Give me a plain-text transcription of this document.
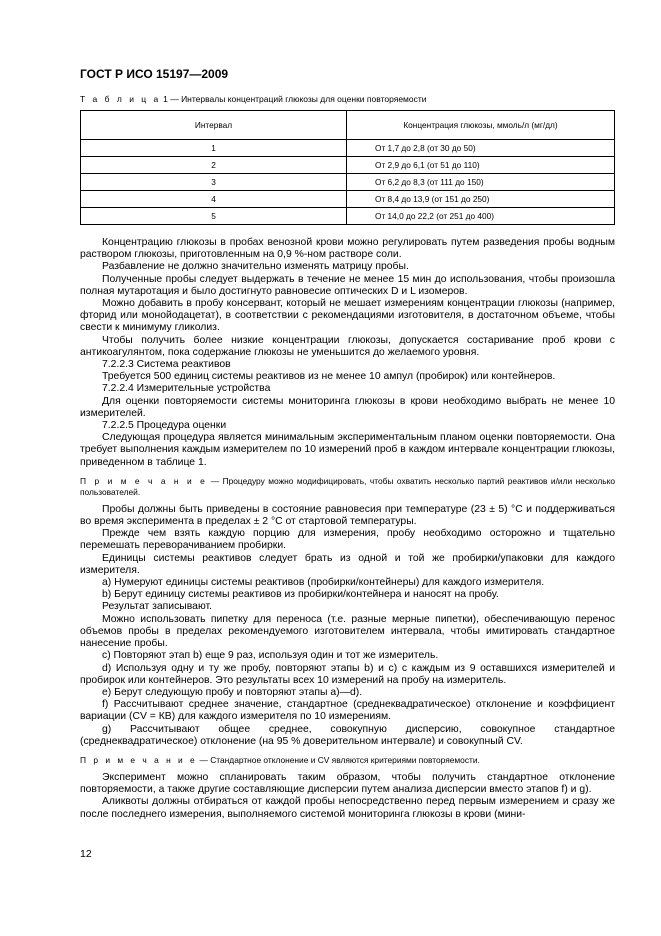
ГОСТ Р ИСО 15197—2009
Т а б л и ц а 1 — Интервалы концентраций глюкозы для оценки повторяемости
Интервал	Концентрация глюкозы, ммоль/л (мг/дл)
1	От 1,7 до 2,8 (от 30 до 50)
2	От 2,9 до 6,1 (от 51 до 110)
3	От 6,2 до 8,3 (от 111 до 150)
4	От 8,4 до 13,9 (от 151 до 250)
5	От 14,0 до 22,2 (от 251 до 400)

Концентрацию глюкозы в пробах венозной крови можно регулировать путем разведения пробы водным раствором глюкозы, приготовленным на 0,9 %-ном растворе соли.

Разбавление не должно значительно изменять матрицу пробы.

Полученные пробы следует выдержать в течение не менее 15 мин до использования, чтобы произошла полная мутаротация и было достигнуто равновесие оптических D и L изомеров.

Можно добавить в пробу консервант, который не мешает измерениям концентрации глюкозы (например, фторид или монойодацетат), в соответствии с рекомендациями изготовителя, в достаточном объеме, чтобы свести к минимуму гликолиз.

Чтобы получить более низкие концентрации глюкозы, допускается состаривание проб крови с антикоагулянтом, пока содержание глюкозы не уменьшится до желаемого уровня.

7.2.2.3 Система реактивов

Требуется 500 единиц системы реактивов из не менее 10 ампул (пробирок) или контейнеров.

7.2.2.4 Измерительные устройства

Для оценки повторяемости системы мониторинга глюкозы в крови необходимо выбрать не менее 10 измерителей.

7.2.2.5 Процедура оценки

Следующая процедура является минимальным экспериментальным планом оценки повторяемости. Она требует выполнения каждым измерителем по 10 измерений проб в каждом интервале концентрации глюкозы, приведенном в таблице 1.

П р и м е ч а н и е — Процедуру можно модифицировать, чтобы охватить несколько партий реактивов и/или несколько пользователей.

Пробы должны быть приведены в состояние равновесия при температуре (23 ± 5) °С и поддерживаться во время эксперимента в пределах ± 2 °С от стартовой температуры.

Прежде чем взять каждую порцию для измерения, пробу необходимо осторожно и тщательно перемешать переворачиванием пробирки.

Единицы системы реактивов следует брать из одной и той же пробирки/упаковки для каждого измерителя.

а) Нумеруют единицы системы реактивов (пробирки/контейнеры) для каждого измерителя.

b) Берут единицу системы реактивов из пробирки/контейнера и наносят на пробу.

Результат записывают.

Можно использовать пипетку для переноса (т.е. разные мерные пипетки), обеспечивающую перенос объемов пробы в пределах рекомендуемого изготовителем интервала, чтобы имитировать стандартное нанесение пробы.

с) Повторяют этап b) еще 9 раз, используя один и тот же измеритель.

d) Используя одну и ту же пробу, повторяют этапы b) и с) с каждым из 9 оставшихся измерителей и пробирок или контейнеров. Это результаты всех 10 измерений на пробу на измеритель.

е) Берут следующую пробу и повторяют этапы а)—d).

f) Рассчитывают среднее значение, стандартное (среднеквадратическое) отклонение и коэффициент вариации (CV = КВ) для каждого измерителя по 10 измерениям.

g) Рассчитывают общее среднее, совокупную дисперсию, совокупное стандартное (среднеквадратическое) отклонение (на 95 % доверительном интервале) и совокупный CV.

П р и м е ч а н и е — Стандартное отклонение и CV являются критериями повторяемости.

Эксперимент можно спланировать таким образом, чтобы получить стандартное отклонение повторяемости, а также другие составляющие дисперсии путем анализа дисперсии вместо этапов f) и g).

Аликвоты должны отбираться от каждой пробы непосредственно перед первым измерением и сразу же после последнего измерения, выполняемого системой мониторинга глюкозы в крови (мини-

12
